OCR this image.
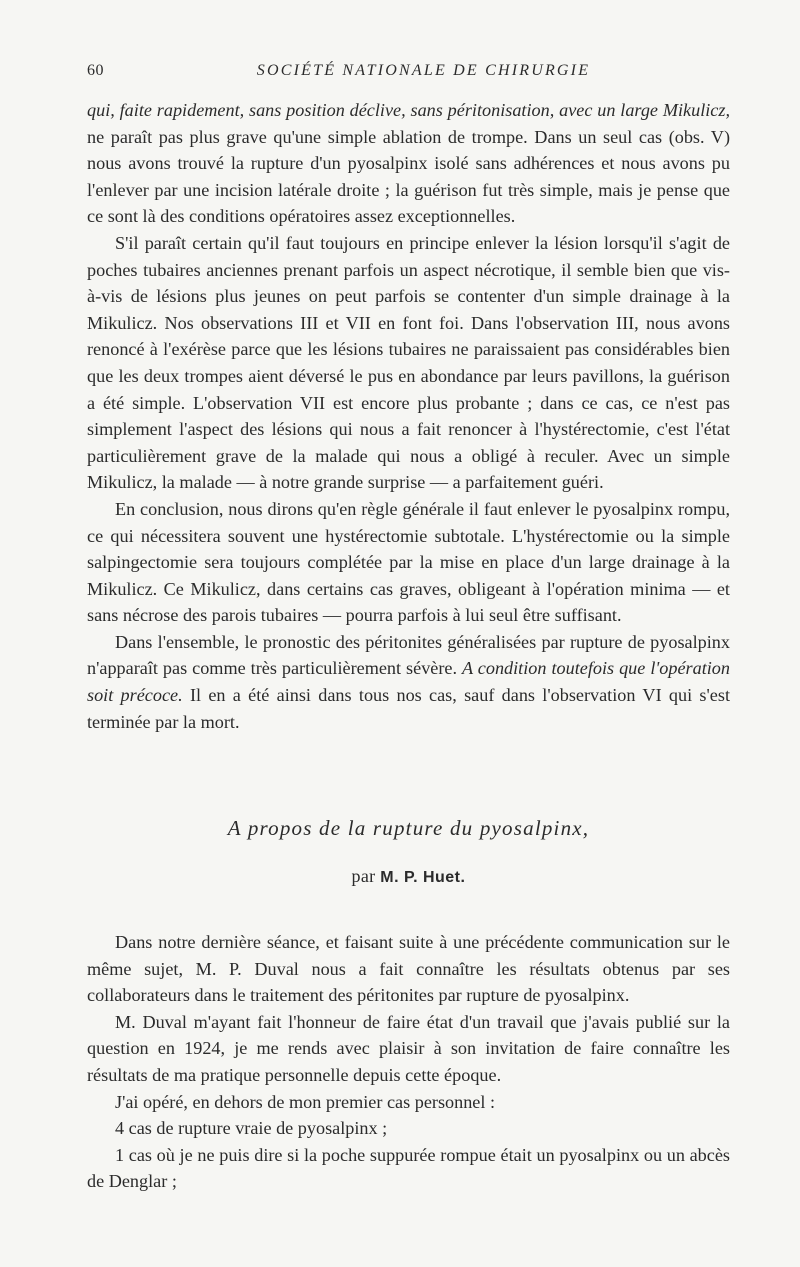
60	SOCIÉTÉ NATIONALE DE CHIRURGIE

qui, faite rapidement, sans position déclive, sans péritonisation, avec un large Mikulicz, ne paraît pas plus grave qu'une simple ablation de trompe. Dans un seul cas (obs. V) nous avons trouvé la rupture d'un pyosalpinx isolé sans adhérences et nous avons pu l'enlever par une incision latérale droite ; la guérison fut très simple, mais je pense que ce sont là des conditions opératoires assez exceptionnelles.

S'il paraît certain qu'il faut toujours en principe enlever la lésion lorsqu'il s'agit de poches tubaires anciennes prenant parfois un aspect nécrotique, il semble bien que vis-à-vis de lésions plus jeunes on peut parfois se contenter d'un simple drainage à la Mikulicz. Nos observations III et VII en font foi. Dans l'observation III, nous avons renoncé à l'exérèse parce que les lésions tubaires ne paraissaient pas considérables bien que les deux trompes aient déversé le pus en abondance par leurs pavillons, la guérison a été simple. L'observation VII est encore plus probante ; dans ce cas, ce n'est pas simplement l'aspect des lésions qui nous a fait renoncer à l'hystérectomie, c'est l'état particulièrement grave de la malade qui nous a obligé à reculer. Avec un simple Mikulicz, la malade — à notre grande surprise — a parfaitement guéri.

En conclusion, nous dirons qu'en règle générale il faut enlever le pyosalpinx rompu, ce qui nécessitera souvent une hystérectomie subtotale. L'hystérectomie ou la simple salpingectomie sera toujours complétée par la mise en place d'un large drainage à la Mikulicz. Ce Mikulicz, dans certains cas graves, obligeant à l'opération minima — et sans nécrose des parois tubaires — pourra parfois à lui seul être suffisant.

Dans l'ensemble, le pronostic des péritonites généralisées par rupture de pyosalpinx n'apparaît pas comme très particulièrement sévère. A condition toutefois que l'opération soit précoce. Il en a été ainsi dans tous nos cas, sauf dans l'observation VI qui s'est terminée par la mort.

A propos de la rupture du pyosalpinx,
par M. P. Huet.

Dans notre dernière séance, et faisant suite à une précédente communication sur le même sujet, M. P. Duval nous a fait connaître les résultats obtenus par ses collaborateurs dans le traitement des péritonites par rupture de pyosalpinx.

M. Duval m'ayant fait l'honneur de faire état d'un travail que j'avais publié sur la question en 1924, je me rends avec plaisir à son invitation de faire connaître les résultats de ma pratique personnelle depuis cette époque.

J'ai opéré, en dehors de mon premier cas personnel :

4 cas de rupture vraie de pyosalpinx ;

1 cas où je ne puis dire si la poche suppurée rompue était un pyosalpinx ou un abcès de Denglar ;
